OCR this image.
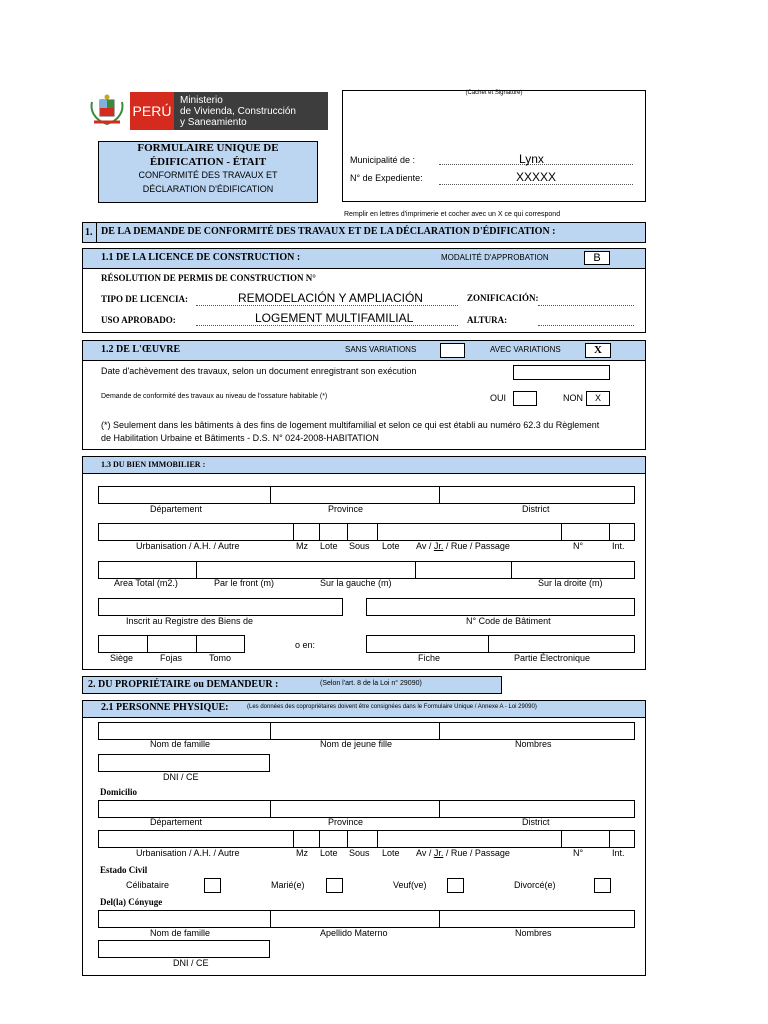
PERÚ
Ministerio
de Vivienda, Construcción
y Saneamiento
(Cachet et Signature)
Municipalité de :	Lynx
N° de Expediente:	XXXXX
FORMULAIRE UNIQUE DE
ÉDIFICATION - ÉTAIT
CONFORMITÉ DES TRAVAUX ET
DÉCLARATION D'ÉDIFICATION
Remplir en lettres d'imprimerie et cocher avec un X ce qui correspond
1. DE LA DEMANDE DE CONFORMITÉ DES TRAVAUX ET DE LA DÉCLARATION D'ÉDIFICATION :
1.1 DE LA LICENCE DE CONSTRUCTION :	MODALITÉ D'APPROBATION	B
RÉSOLUTION DE PERMIS DE CONSTRUCTION N°
TIPO DE LICENCIA:	REMODELACIÓN Y AMPLIACIÓN	ZONIFICACIÓN:
USO APROBADO:	LOGEMENT MULTIFAMILIAL	ALTURA:
1.2 DE L'ŒUVRE	SANS VARIATIONS	AVEC VARIATIONS	X
Date d'achèvement des travaux, selon un document enregistrant son exécution
Demande de conformité des travaux au niveau de l'ossature habitable (*)	OUI	NON	X
(*) Seulement dans les bâtiments à des fins de logement multifamilial et selon ce qui est établi au numéro 62.3 du Règlement
de Habilitation Urbaine et Bâtiments - D.S. N° 024-2008-HABITATION
1.3 DU BIEN IMMOBILIER :
Département	Province	District
Urbanisation / A.H. / Autre	Mz Lote Sous Lote Av / Jr. / Rue / Passage	N°	Int.
Area Total (m2.)	Par le front (m)	Sur la gauche (m)	Sur la droite (m)
Inscrit au Registre des Biens de	N° Code de Bâtiment
o en:
Siège	Fojas	Tomo	Fiche	Partie Électronique
2. DU PROPRIÉTAIRE ou DEMANDEUR :	(Selon l'art. 8 de la Loi n° 29090)
2.1 PERSONNE PHYSIQUE:	(Les données des copropriétaires doivent être consignées dans le Formulaire Unique / Annexe A - Loi 29090)
Nom de famille	Nom de jeune fille	Nombres
DNI / CE
Domicilio
Département	Province	District
Urbanisation / A.H. / Autre	Mz Lote Sous Lote Av / Jr. / Rue / Passage	N°	Int.
Estado Civil
Célibataire	Marié(e)	Veuf(ve)	Divorcé(e)
Del(la) Cónyuge
Nom de famille	Apellido Materno	Nombres
DNI / CE
